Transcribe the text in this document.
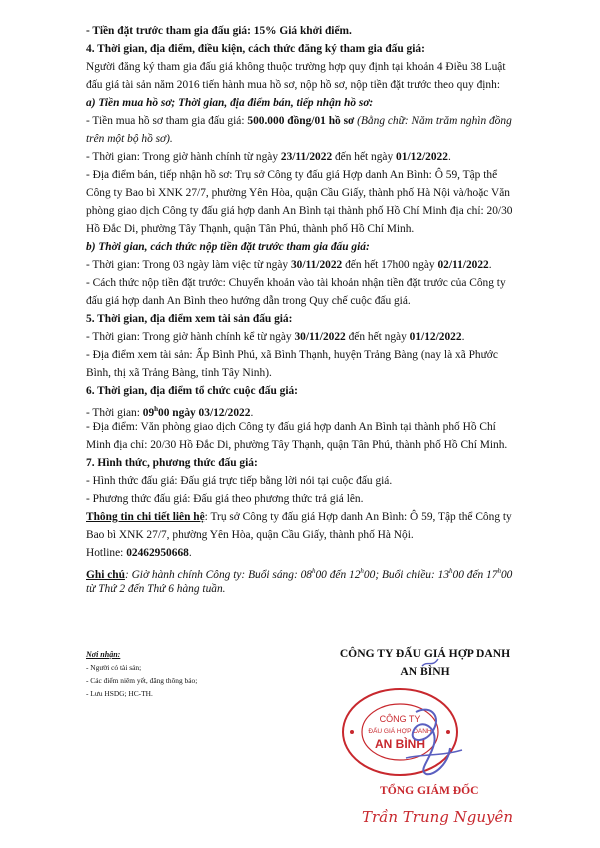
- Tiền đặt trước tham gia đấu giá: 15% Giá khởi điểm.
4. Thời gian, địa điểm, điều kiện, cách thức đăng ký tham gia đấu giá:
Người đăng ký tham gia đấu giá không thuộc trường hợp quy định tại khoản 4 Điều 38 Luật
đấu giá tài sản năm 2016 tiến hành mua hồ sơ, nộp hồ sơ, nộp tiền đặt trước theo quy định:
a) Tiền mua hồ sơ; Thời gian, địa điểm bán, tiếp nhận hồ sơ:
- Tiền mua hồ sơ tham gia đấu giá: 500.000 đồng/01 hồ sơ (Bằng chữ: Năm trăm nghìn đồng
trên một bộ hồ sơ).
- Thời gian: Trong giờ hành chính từ ngày 23/11/2022 đến hết ngày 01/12/2022.
- Địa điểm bán, tiếp nhận hồ sơ: Trụ sở Công ty đấu giá Hợp danh An Bình: Ô 59, Tập thể
Công ty Bao bì XNK 27/7, phường Yên Hòa, quận Cầu Giấy, thành phố Hà Nội và/hoặc Văn
phòng giao dịch Công ty đấu giá hợp danh An Bình tại thành phố Hồ Chí Minh địa chỉ: 20/30
Hồ Đắc Di, phường Tây Thạnh, quận Tân Phú, thành phố Hồ Chí Minh.
b) Thời gian, cách thức nộp tiền đặt trước tham gia đấu giá:
- Thời gian: Trong 03 ngày làm việc từ ngày 30/11/2022 đến hết 17h00 ngày 02/11/2022.
- Cách thức nộp tiền đặt trước: Chuyển khoản vào tài khoản nhận tiền đặt trước của Công ty
đấu giá hợp danh An Bình theo hướng dẫn trong Quy chế cuộc đấu giá.
5. Thời gian, địa điểm xem tài sản đấu giá:
- Thời gian: Trong giờ hành chính kể từ ngày 30/11/2022 đến hết ngày 01/12/2022.
- Địa điểm xem tài sản: Ấp Bình Phú, xã Bình Thạnh, huyện Trảng Bàng (nay là xã Phước
Bình, thị xã Trảng Bàng, tỉnh Tây Ninh).
6. Thời gian, địa điểm tổ chức cuộc đấu giá:
- Thời gian: 09$^h$00 ngày 03/12/2022.
- Địa điểm: Văn phòng giao dịch Công ty đấu giá hợp danh An Bình tại thành phố Hồ Chí
Minh địa chỉ: 20/30 Hồ Đắc Di, phường Tây Thạnh, quận Tân Phú, thành phố Hồ Chí Minh.
7. Hình thức, phương thức đấu giá:
- Hình thức đấu giá: Đấu giá trực tiếp bằng lời nói tại cuộc đấu giá.
- Phương thức đấu giá: Đấu giá theo phương thức trả giá lên.
Thông tin chi tiết liên hệ: Trụ sở Công ty đấu giá Hợp danh An Bình: Ô 59, Tập thể Công ty
Bao bì XNK 27/7, phường Yên Hòa, quận Cầu Giấy, thành phố Hà Nội.
Hotline: 02462950668.
Ghi chú: Giờ hành chính Công ty: Buổi sáng: 08$^h$00 đến 12$^h$00; Buổi chiều: 13$^h$00 đến 17$^h$00
từ Thứ 2 đến Thứ 6 hàng tuần.
Nơi nhận:
- Người có tài sản;
- Các điểm niêm yết, đăng thông báo;
- Lưu HSDG; HC-TH.
CÔNG TY ĐẤU GIÁ HỢP DANH
AN BÌNH
CÔNG TY
ĐẤU GIÁ HỢP DANH
AN BÌNH
TỔNG GIÁM ĐỐC
Trần Trung Nguyên
